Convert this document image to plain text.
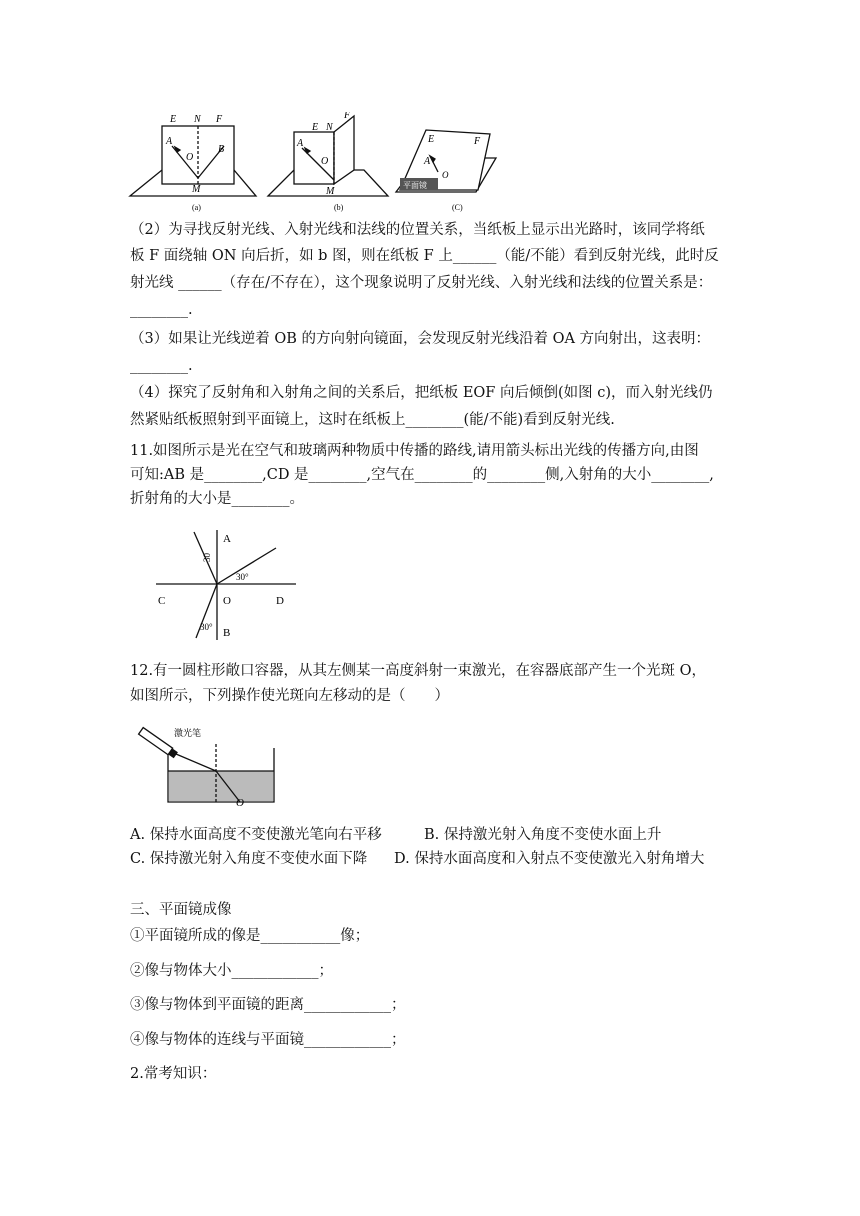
E N F
A
O
B
M
(a)
E N
F
A
O
M
(b)
E	F
A
O
平面镜
(C)
（2）为寻找反射光线、入射光线和法线的位置关系，当纸板上显示出光路时，该同学将纸
板 F 面绕轴 ON 向后折，如 b 图，则在纸板 F 上______（能/不能）看到反射光线，此时反
射光线 ______（存在/不存在），这个现象说明了反射光线、入射光线和法线的位置关系是：
________.
（3）如果让光线逆着 OB 的方向射向镜面，会发现反射光线沿着 OA 方向射出，这表明：
________.
（4）探究了反射角和入射角之间的关系后，把纸板 EOF 向后倾倒(如图 c)，而入射光线仍
然紧贴纸板照射到平面镜上，这时在纸板上________(能/不能)看到反射光线.
11.如图所示是光在空气和玻璃两种物质中传播的路线,请用箭头标出光线的传播方向,由图
可知:AB 是________,CD 是________,空气在________的________侧,入射角的大小________,
折射角的大小是________。
A
30
30°
C	O	D
30° B
12.有一圆柱形敞口容器，从其左侧某一高度斜射一束激光，在容器底部产生一个光斑 O，
如图所示，下列操作使光斑向左移动的是（　　）
激光笔
O
A. 保持水面高度不变使激光笔向右平移	B. 保持激光射入角度不变使水面上升
C. 保持激光射入角度不变使水面下降 D. 保持水面高度和入射点不变使激光入射角增大
三、平面镜成像
①平面镜所成的像是___________像；
②像与物体大小____________；
③像与物体到平面镜的距离____________；
④像与物体的连线与平面镜____________；
2.常考知识：
